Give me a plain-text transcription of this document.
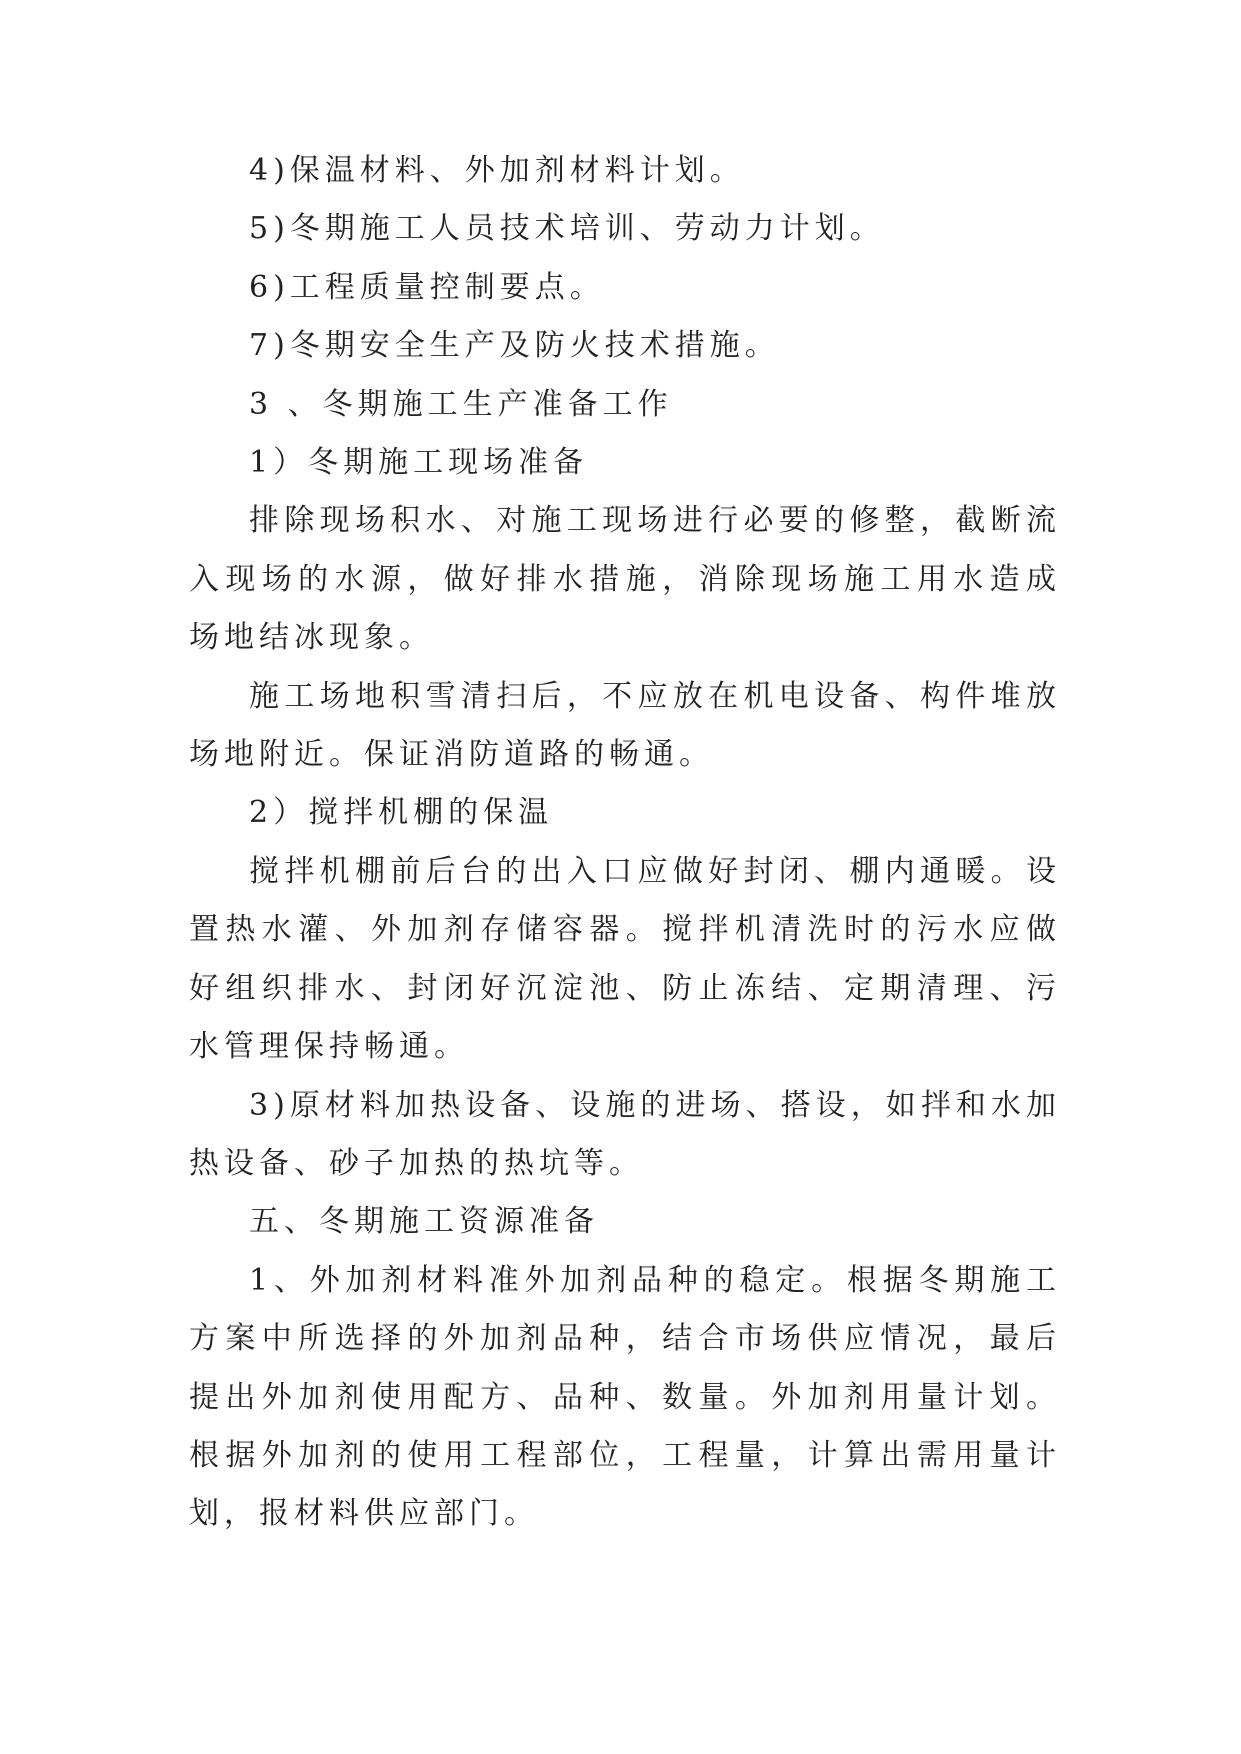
4)保温材料、外加剂材料计划。

5)冬期施工人员技术培训、劳动力计划。

6)工程质量控制要点。

7)冬期安全生产及防火技术措施。

3 、冬期施工生产准备工作

1）冬期施工现场准备

排除现场积水、对施工现场进行必要的修整，截断流入现场的水源，做好排水措施，消除现场施工用水造成场地结冰现象。

施工场地积雪清扫后，不应放在机电设备、构件堆放场地附近。保证消防道路的畅通。

2）搅拌机棚的保温

搅拌机棚前后台的出入口应做好封闭、棚内通暖。设置热水灌、外加剂存储容器。搅拌机清洗时的污水应做好组织排水、封闭好沉淀池、防止冻结、定期清理、污水管理保持畅通。

3)原材料加热设备、设施的进场、搭设，如拌和水加热设备、砂子加热的热坑等。

五、冬期施工资源准备

1、外加剂材料准外加剂品种的稳定。根据冬期施工方案中所选择的外加剂品种，结合市场供应情况，最后提出外加剂使用配方、品种、数量。外加剂用量计划。根据外加剂的使用工程部位，工程量，计算出需用量计划，报材料供应部门。
